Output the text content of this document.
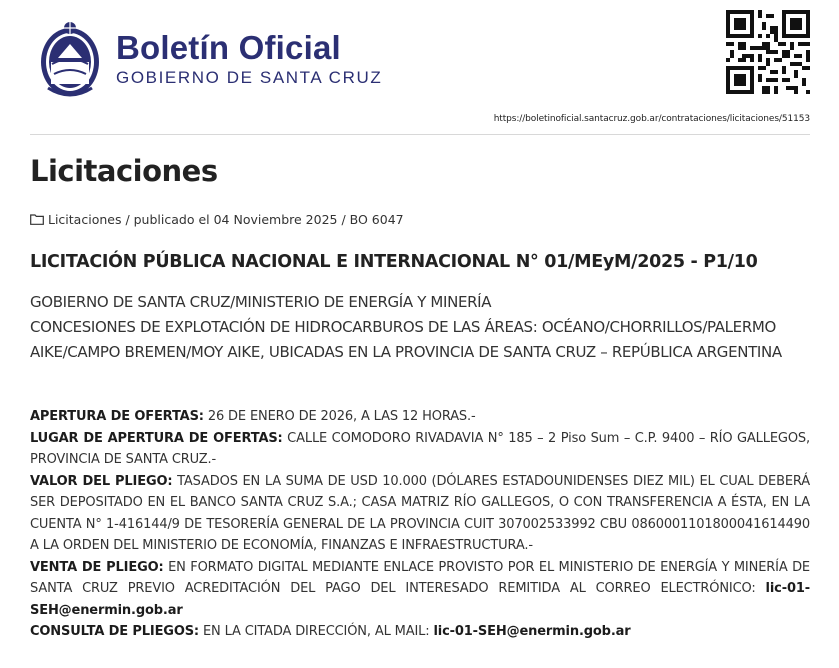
Boletín Oficial
GOBIERNO DE SANTA CRUZ
https://boletinoficial.santacruz.gob.ar/contrataciones/licitaciones/51153
Licitaciones
Licitaciones / publicado el 04 Noviembre 2025 / BO 6047
LICITACIÓN PÚBLICA NACIONAL E INTERNACIONAL N° 01/MEyM/2025 - P1/10
GOBIERNO DE SANTA CRUZ/MINISTERIO DE ENERGÍA Y MINERÍA
CONCESIONES DE EXPLOTACIÓN DE HIDROCARBUROS DE LAS ÁREAS: OCÉANO/CHORRILLOS/PALERMO AIKE/CAMPO BREMEN/MOY AIKE, UBICADAS EN LA PROVINCIA DE SANTA CRUZ – REPÚBLICA ARGENTINA

APERTURA DE OFERTAS: 26 DE ENERO DE 2026, A LAS 12 HORAS.-

LUGAR DE APERTURA DE OFERTAS: CALLE COMODORO RIVADAVIA N° 185 – 2 Piso Sum – C.P. 9400 – RÍO GALLEGOS, PROVINCIA DE SANTA CRUZ.-

VALOR DEL PLIEGO: TASADOS EN LA SUMA DE USD 10.000 (DÓLARES ESTADOUNIDENSES DIEZ MIL) EL CUAL DEBERÁ SER DEPOSITADO EN EL BANCO SANTA CRUZ S.A.; CASA MATRIZ RÍO GALLEGOS, O CON TRANSFERENCIA A ÉSTA, EN LA CUENTA N° 1-416144/9 DE TESORERÍA GENERAL DE LA PROVINCIA CUIT 307002533992 CBU 0860001101800041614490 A LA ORDEN DEL MINISTERIO DE ECONOMÍA, FINANZAS E INFRAESTRUCTURA.-

VENTA DE PLIEGO: EN FORMATO DIGITAL MEDIANTE ENLACE PROVISTO POR EL MINISTERIO DE ENERGÍA Y MINERÍA DE SANTA CRUZ PREVIO ACREDITACIÓN DEL PAGO DEL INTERESADO REMITIDA AL CORREO ELECTRÓNICO: lic-01-SEH@enermin.gob.ar

CONSULTA DE PLIEGOS: EN LA CITADA DIRECCIÓN, AL MAIL: lic-01-SEH@enermin.gob.ar
